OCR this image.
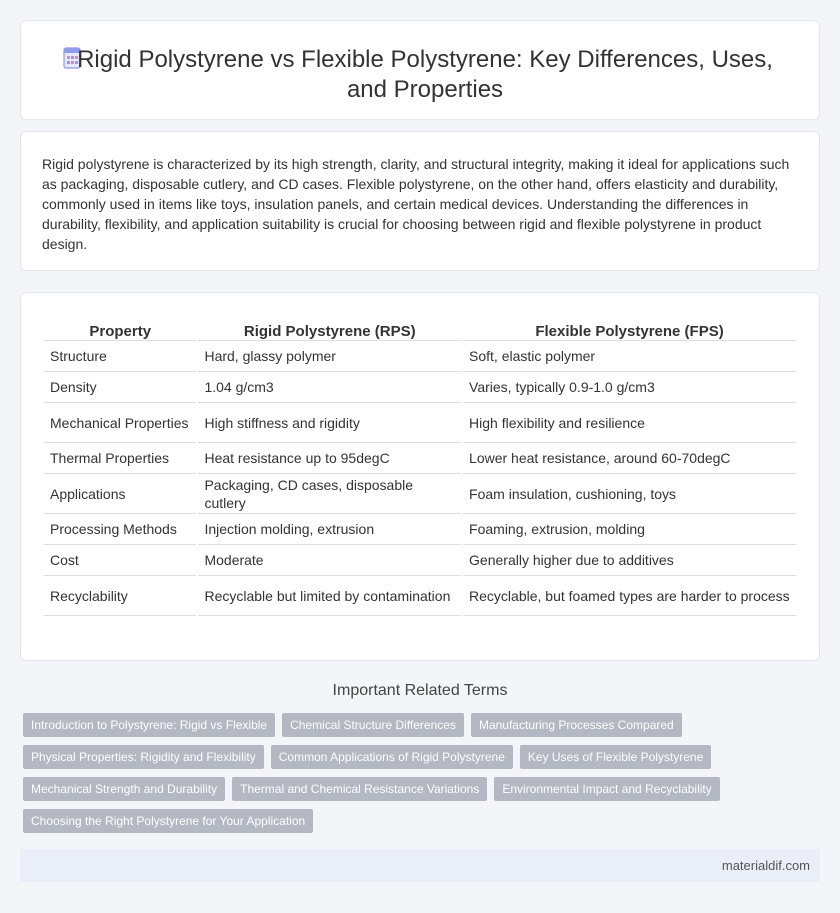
Rigid Polystyrene vs Flexible Polystyrene: Key Differences, Uses, and Properties

Rigid polystyrene is characterized by its high strength, clarity, and structural integrity, making it ideal for applications such as packaging, disposable cutlery, and CD cases. Flexible polystyrene, on the other hand, offers elasticity and durability, commonly used in items like toys, insulation panels, and certain medical devices. Understanding the differences in durability, flexibility, and application suitability is crucial for choosing between rigid and flexible polystyrene in product design.

Property	Rigid Polystyrene (RPS)	Flexible Polystyrene (FPS)
Structure	Hard, glassy polymer	Soft, elastic polymer
Density	1.04 g/cm3	Varies, typically 0.9-1.0 g/cm3
Mechanical Properties	High stiffness and rigidity	High flexibility and resilience
Thermal Properties	Heat resistance up to 95degC	Lower heat resistance, around 60-70degC
Applications	Packaging, CD cases, disposable cutlery	Foam insulation, cushioning, toys
Processing Methods	Injection molding, extrusion	Foaming, extrusion, molding
Cost	Moderate	Generally higher due to additives
Recyclability	Recyclable but limited by contamination	Recyclable, but foamed types are harder to process
Important Related Terms
Introduction to Polystyrene: Rigid vs Flexible	Chemical Structure Differences	Manufacturing Processes Compared
Physical Properties: Rigidity and Flexibility	Common Applications of Rigid Polystyrene	Key Uses of Flexible Polystyrene
Mechanical Strength and Durability	Thermal and Chemical Resistance Variations	Environmental Impact and Recyclability
Choosing the Right Polystyrene for Your Application
materialdif.com
